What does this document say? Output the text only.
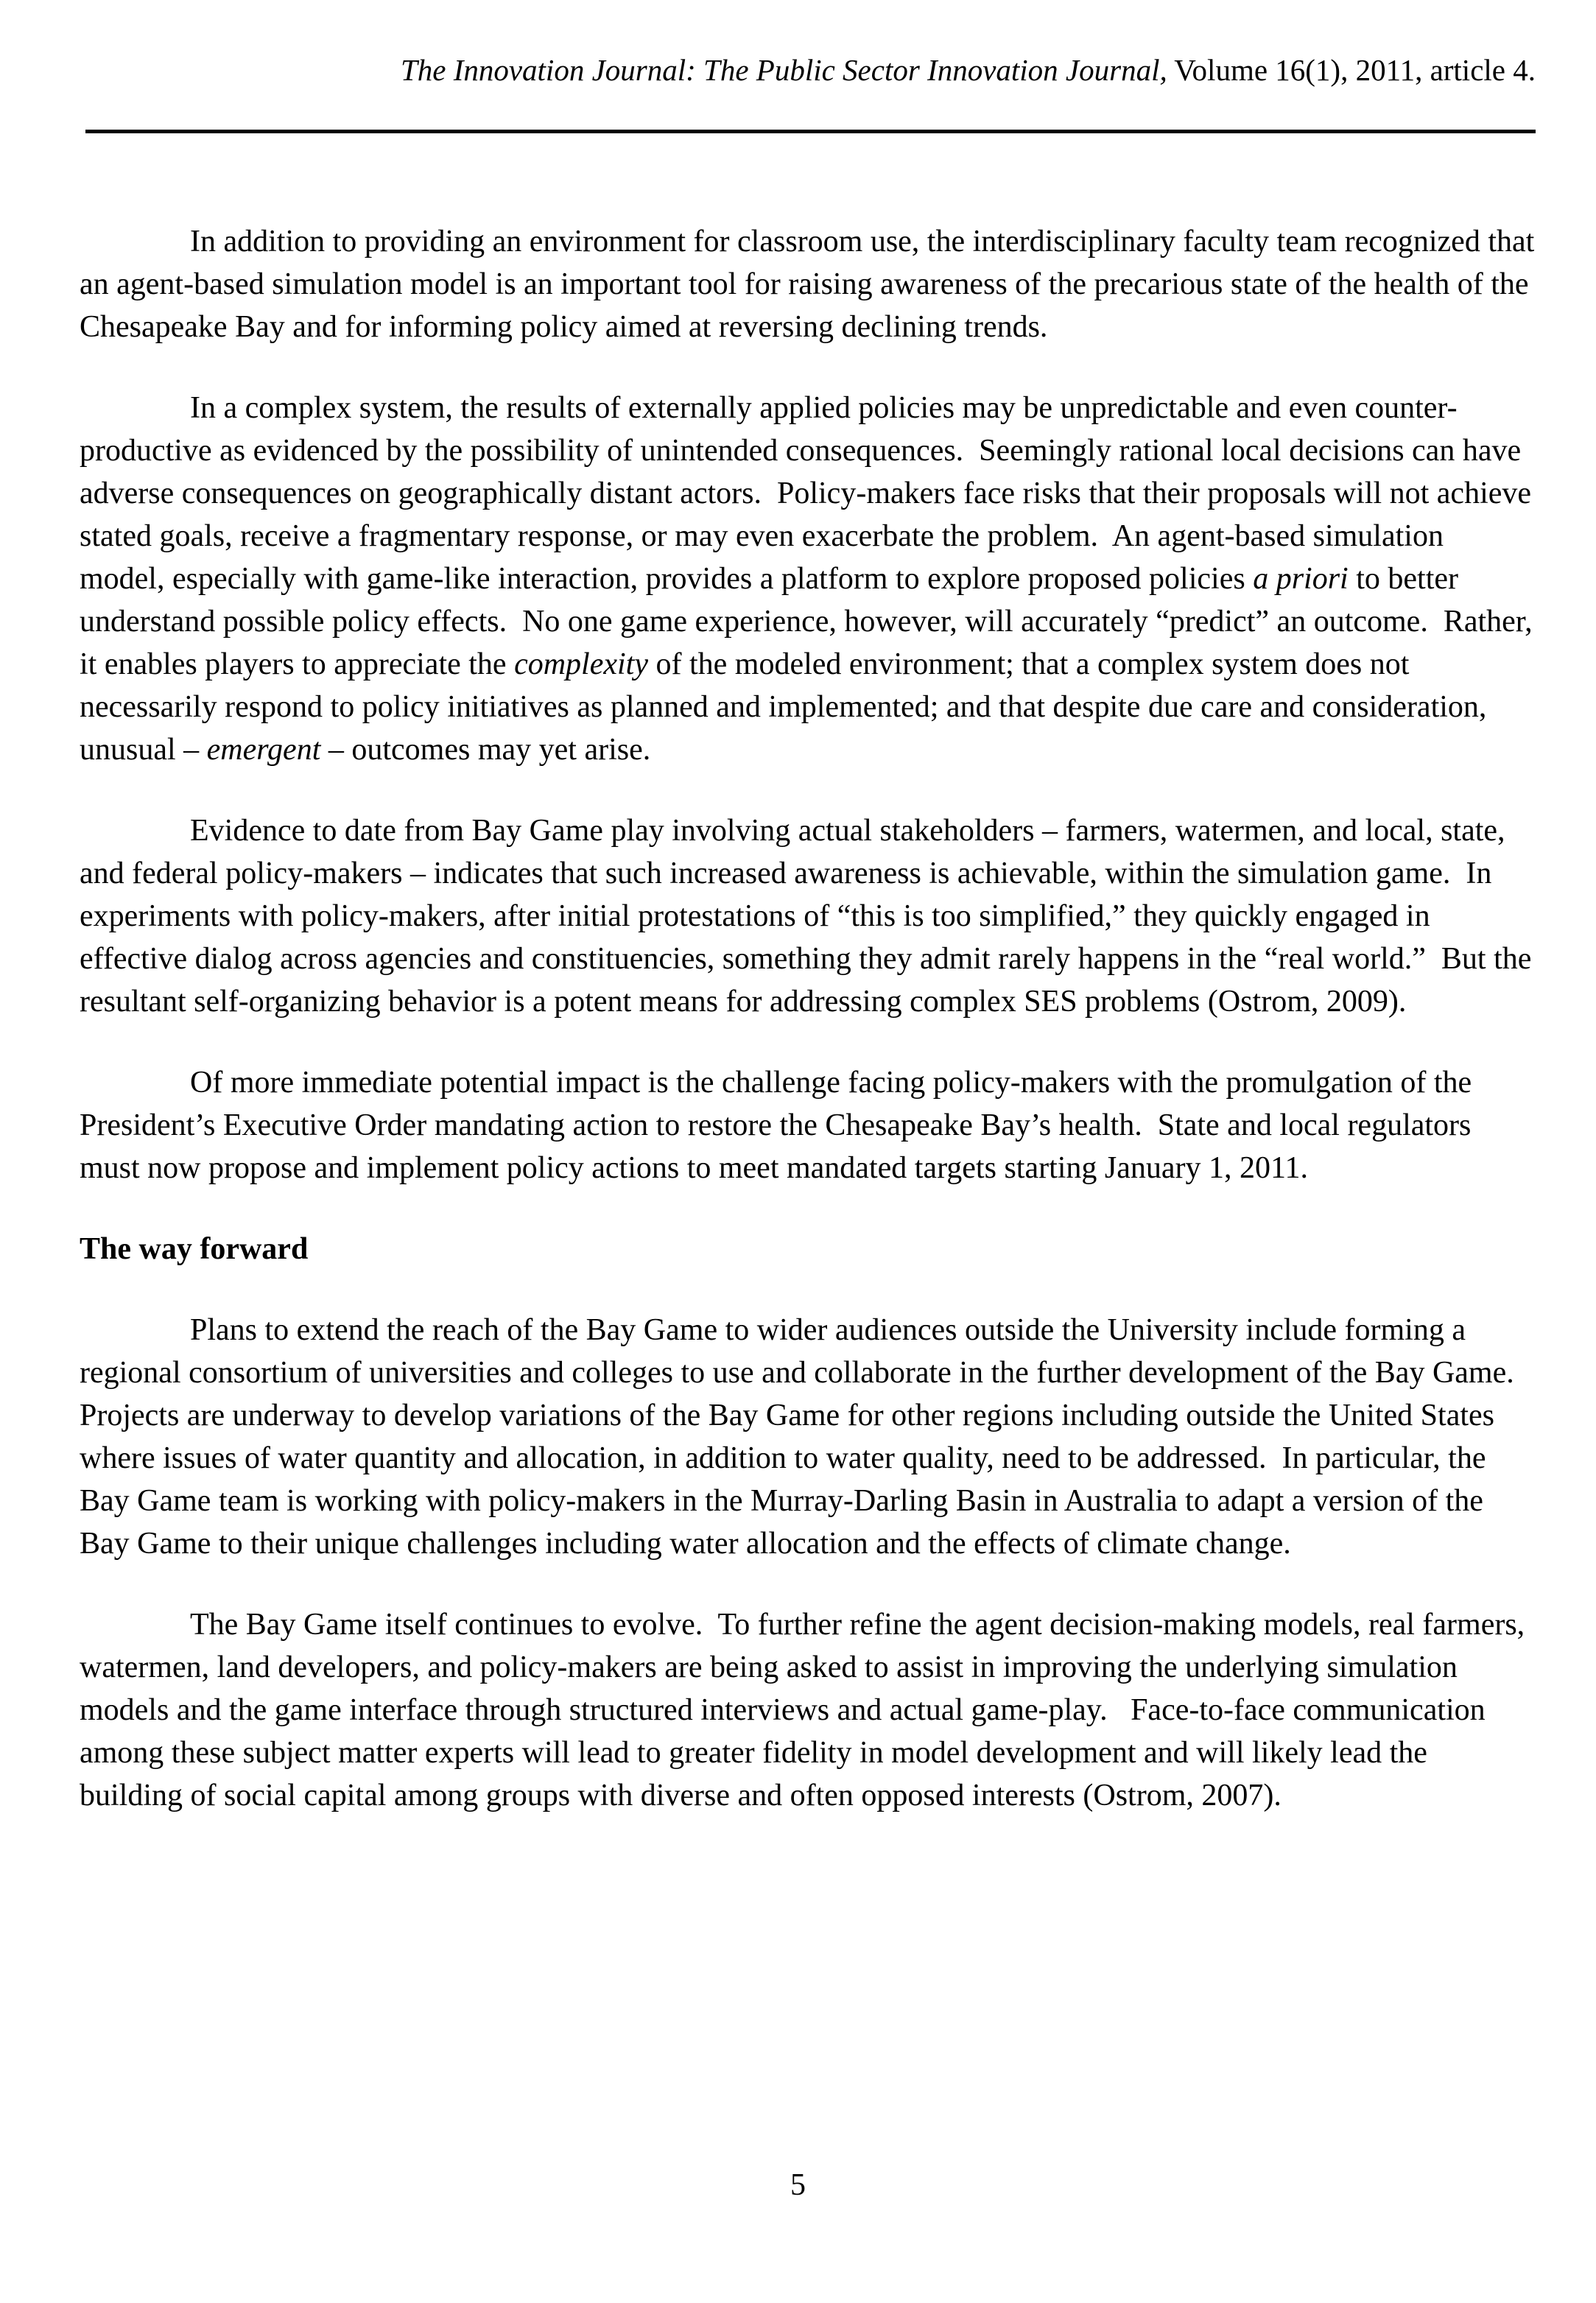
The Innovation Journal: The Public Sector Innovation Journal, Volume 16(1), 2011, article 4.

In addition to providing an environment for classroom use, the interdisciplinary faculty team recognized that an agent-based simulation model is an important tool for raising awareness of the precarious state of the health of the Chesapeake Bay and for informing policy aimed at reversing declining trends.

In a complex system, the results of externally applied policies may be unpredictable and even counter-productive as evidenced by the possibility of unintended consequences.  Seemingly rational local decisions can have adverse consequences on geographically distant actors.  Policy-makers face risks that their proposals will not achieve stated goals, receive a fragmentary response, or may even exacerbate the problem.  An agent-based simulation model, especially with game-like interaction, provides a platform to explore proposed policies a priori to better understand possible policy effects.  No one game experience, however, will accurately “predict” an outcome.  Rather, it enables players to appreciate the complexity of the modeled environment; that a complex system does not necessarily respond to policy initiatives as planned and implemented; and that despite due care and consideration, unusual – emergent – outcomes may yet arise.

Evidence to date from Bay Game play involving actual stakeholders – farmers, watermen, and local, state, and federal policy-makers – indicates that such increased awareness is achievable, within the simulation game.  In experiments with policy-makers, after initial protestations of “this is too simplified,” they quickly engaged in effective dialog across agencies and constituencies, something they admit rarely happens in the “real world.”  But the resultant self-organizing behavior is a potent means for addressing complex SES problems (Ostrom, 2009).

Of more immediate potential impact is the challenge facing policy-makers with the promulgation of the President’s Executive Order mandating action to restore the Chesapeake Bay’s health.  State and local regulators must now propose and implement policy actions to meet mandated targets starting January 1, 2011.

The way forward

Plans to extend the reach of the Bay Game to wider audiences outside the University include forming a regional consortium of universities and colleges to use and collaborate in the further development of the Bay Game.  Projects are underway to develop variations of the Bay Game for other regions including outside the United States where issues of water quantity and allocation, in addition to water quality, need to be addressed.  In particular, the Bay Game team is working with policy-makers in the Murray-Darling Basin in Australia to adapt a version of the Bay Game to their unique challenges including water allocation and the effects of climate change.

The Bay Game itself continues to evolve.  To further refine the agent decision-making models, real farmers, watermen, land developers, and policy-makers are being asked to assist in improving the underlying simulation models and the game interface through structured interviews and actual game-play.   Face-to-face communication among these subject matter experts will lead to greater fidelity in model development and will likely lead the building of social capital among groups with diverse and often opposed interests (Ostrom, 2007).

5
